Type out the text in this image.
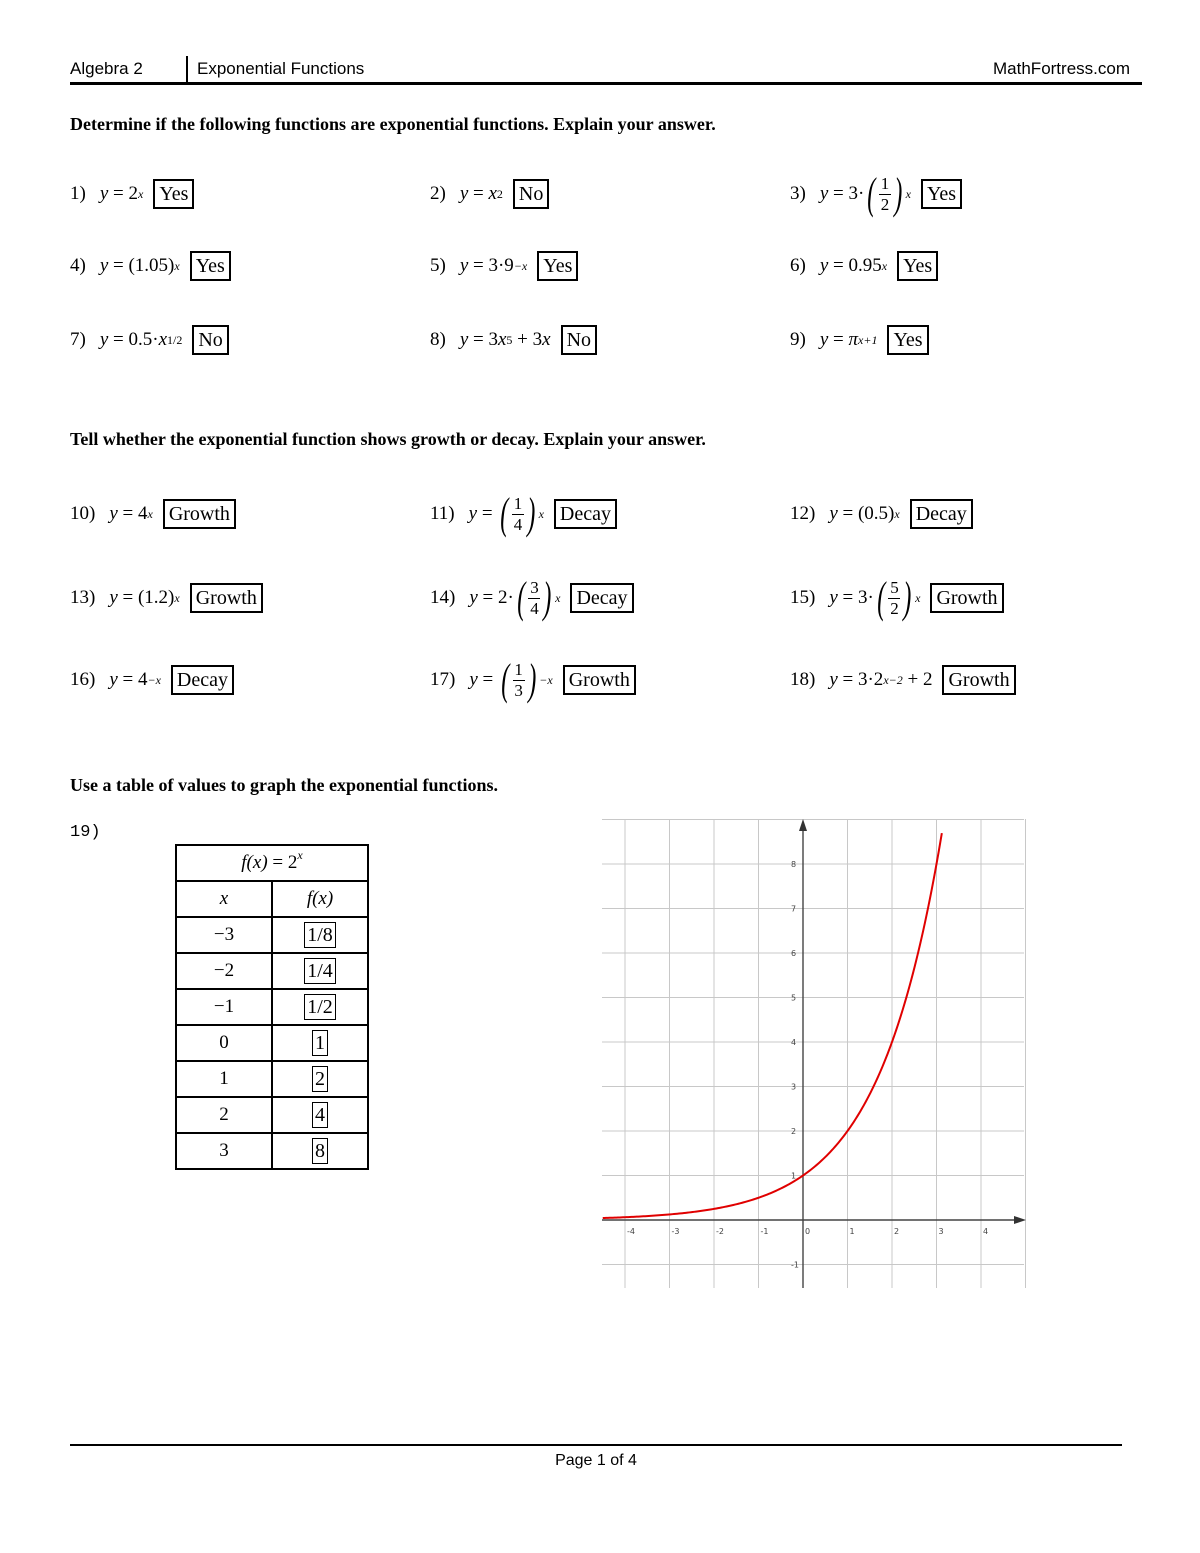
Algebra 2	Exponential Functions	MathFortress.com
Determine if the following functions are exponential functions. Explain your answer.
1) y = 2 x Yes	2) y = x 2 No	3) y = 3· ( $\frac{1}{2}$ ) x Yes
4) y = (1.05) x Yes	5) y = 3·9 −x Yes	6) y = 0.95 x Yes
7) y = 0.5· x 1/2 No	8) y = 3 x 5 + 3 x No	9) y = π x+1 Yes
Tell whether the exponential function shows growth or decay. Explain your answer.
10) y = 4 x Growth	11) y = ( $\frac{1}{4}$ ) x Decay	12) y = (0.5) x Decay
13) y = (1.2) x Growth	14) y = 2· ( $\frac{3}{4}$ ) x Decay	15) y = 3· ( $\frac{5}{2}$ ) x Growth
16) y = 4 −x Decay	17) y = ( $\frac{1}{3}$ ) −x Growth	18) y = 3·2 x−2 + 2 Growth
Use a table of values to graph the exponential functions.
19)
$f(x) = 2^x$
x	f(x)
−3	1/8
−2	1/4
−1	1/2
0	1
1	2
2	4
3	8
-4	-3	-2	-1	0	1	2	3	4
-1
1
2
3
4
5
6
7
8
Page 1 of 4
